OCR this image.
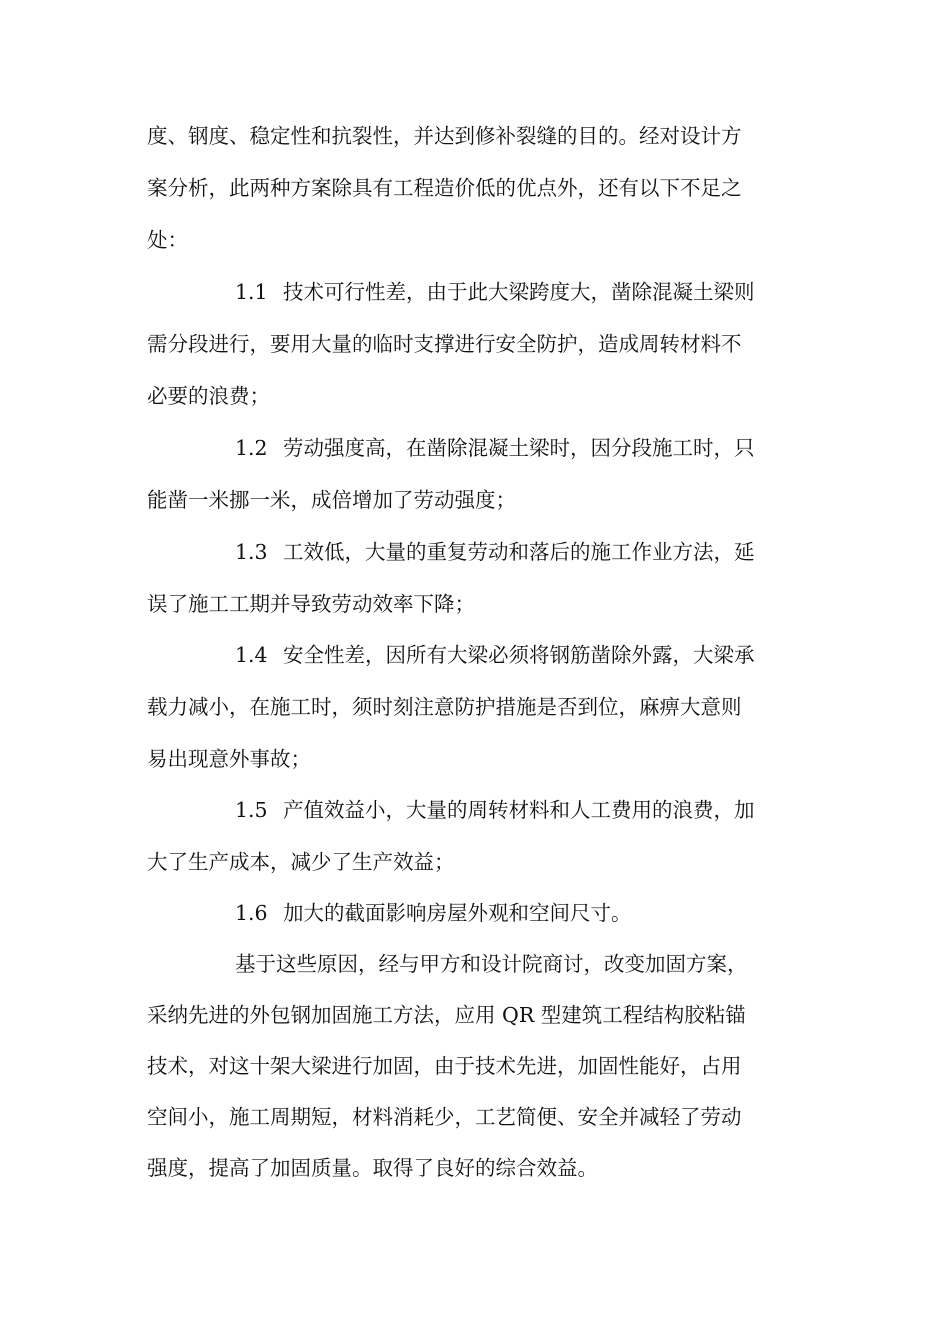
度、钢度、稳定性和抗裂性，并达到修补裂缝的目的。经对设计方
案分析，此两种方案除具有工程造价低的优点外，还有以下不足之
处：
1.1 技术可行性差，由于此大梁跨度大，凿除混凝土梁则
需分段进行，要用大量的临时支撑进行安全防护，造成周转材料不
必要的浪费；
1.2 劳动强度高，在凿除混凝土梁时，因分段施工时，只
能凿一米挪一米，成倍增加了劳动强度；
1.3 工效低，大量的重复劳动和落后的施工作业方法，延
误了施工工期并导致劳动效率下降；
1.4 安全性差，因所有大梁必须将钢筋凿除外露，大梁承
载力减小，在施工时，须时刻注意防护措施是否到位，麻痹大意则
易出现意外事故；
1.5 产值效益小，大量的周转材料和人工费用的浪费，加
大了生产成本，减少了生产效益；
1.6 加大的截面影响房屋外观和空间尺寸。
基于这些原因，经与甲方和设计院商讨，改变加固方案，
采纳先进的外包钢加固施工方法，应用 QR 型建筑工程结构胶粘锚
技术，对这十架大梁进行加固，由于技术先进，加固性能好，占用
空间小，施工周期短，材料消耗少，工艺简便、安全并减轻了劳动
强度，提高了加固质量。取得了良好的综合效益。
